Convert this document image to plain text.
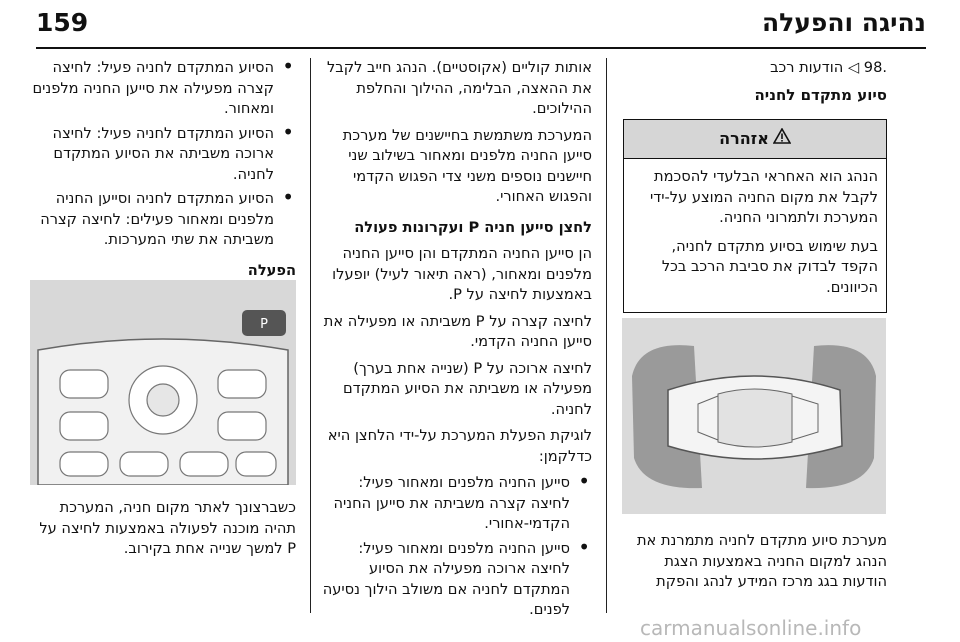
159	נהיגה והפעלה

.98 ◁ הודעות רכב

סיוע מתקדם לחניה
אזהרה

הנהג הוא האחראי הבלעדי להסכמת לקבל את מקום החניה המוצע על-ידי המערכת ולתמרוני החניה.

בעת שימוש בסיוע מתקדם לחניה, הקפד לבדוק את סביבת הרכב בכל הכיוונים.

מערכת סיוע מתקדם לחניה מתמרנת את הנהג למקום החניה באמצעות הצגת הודעות בגג מרכז המידע לנהג והפקת

אותות קוליים (אקוסטיים). הנהג חייב לקבל את ההאצה, הבלימה, ההילוך והחלפת ההילוכים.

המערכת משתמשת בחיישנים של מערכת סייען החניה מלפנים ומאחור בשילוב שני חיישנים נוספים משני צדי הפגוש הקדמי והפגוש האחורי.

לחצן סייען חניה ⁣P⁣ ועקרונות פעולה

הן סייען החניה המתקדם והן סייען החניה מלפנים ומאחור, (ראה תיאור לעיל) יופעלו באמצעות לחיצה על P.

לחיצה קצרה על P משביתה או מפעילה את סייען החניה הקדמי.

לחיצה ארוכה על P (שנייה אחת בערך) מפעילה או משביתה את הסיוע המתקדם לחניה.

לוגיקת הפעלת המערכת על-ידי הלחצן היא כדלקמן:

• סייען החניה מלפנים ומאחור פעיל: לחיצה קצרה משביתה את סייען החניה הקדמי-אחורי.
• סייען החניה מלפנים ומאחור פעיל: לחיצה ארוכה מפעילה את הסיוע המתקדם לחניה אם משולב הילוך נסיעה לפנים.
• הסיוע המתקדם לחניה פעיל: לחיצה קצרה מפעילה את סייען החניה מלפנים ומאחור.
• הסיוע המתקדם לחניה פעיל: לחיצה ארוכה משביתה את הסיוע המתקדם לחניה.
• הסיוע המתקדם לחניה וסייען החניה מלפנים ומאחור פעילים: לחיצה קצרה משביתה את שתי המערכות.
הפעלה
P
כשברצונך לאתר מקום חניה, המערכת תהיה מוכנה לפעולה באמצעות לחיצה על P למשך שנייה אחת בקירוב.
carmanualsonline.info
